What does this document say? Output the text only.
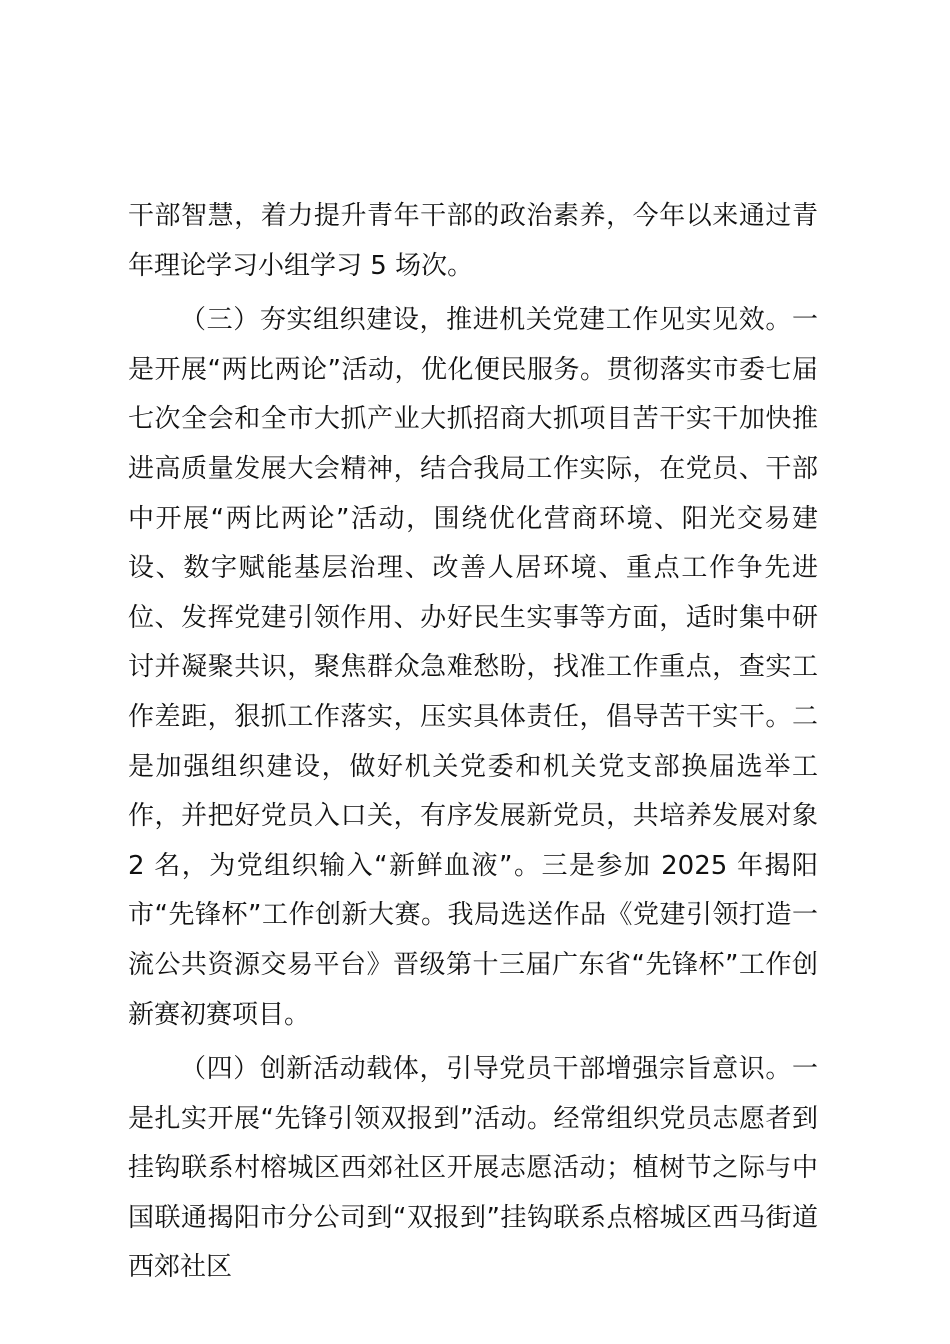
干部智慧，着力提升青年干部的政治素养，今年以来通过青年理论学习小组学习 5 场次。

（三）夯实组织建设，推进机关党建工作见实见效。一是开展“两比两论”活动，优化便民服务。贯彻落实市委七届七次全会和全市大抓产业大抓招商大抓项目苦干实干加快推进高质量发展大会精神，结合我局工作实际，在党员、干部中开展“两比两论”活动，围绕优化营商环境、阳光交易建设、数字赋能基层治理、改善人居环境、重点工作争先进位、发挥党建引领作用、办好民生实事等方面，适时集中研讨并凝聚共识，聚焦群众急难愁盼，找准工作重点，查实工作差距，狠抓工作落实，压实具体责任，倡导苦干实干。二是加强组织建设，做好机关党委和机关党支部换届选举工作，并把好党员入口关，有序发展新党员，共培养发展对象 2 名，为党组织输入“新鲜血液”。三是参加 2025 年揭阳市“先锋杯”工作创新大赛。我局选送作品《党建引领打造一流公共资源交易平台》晋级第十三届广东省“先锋杯”工作创新赛初赛项目。

（四）创新活动载体，引导党员干部增强宗旨意识。一是扎实开展“先锋引领双报到”活动。经常组织党员志愿者到挂钩联系村榕城区西郊社区开展志愿活动；植树节之际与中国联通揭阳市分公司到“双报到”挂钩联系点榕城区西马街道西郊社区
